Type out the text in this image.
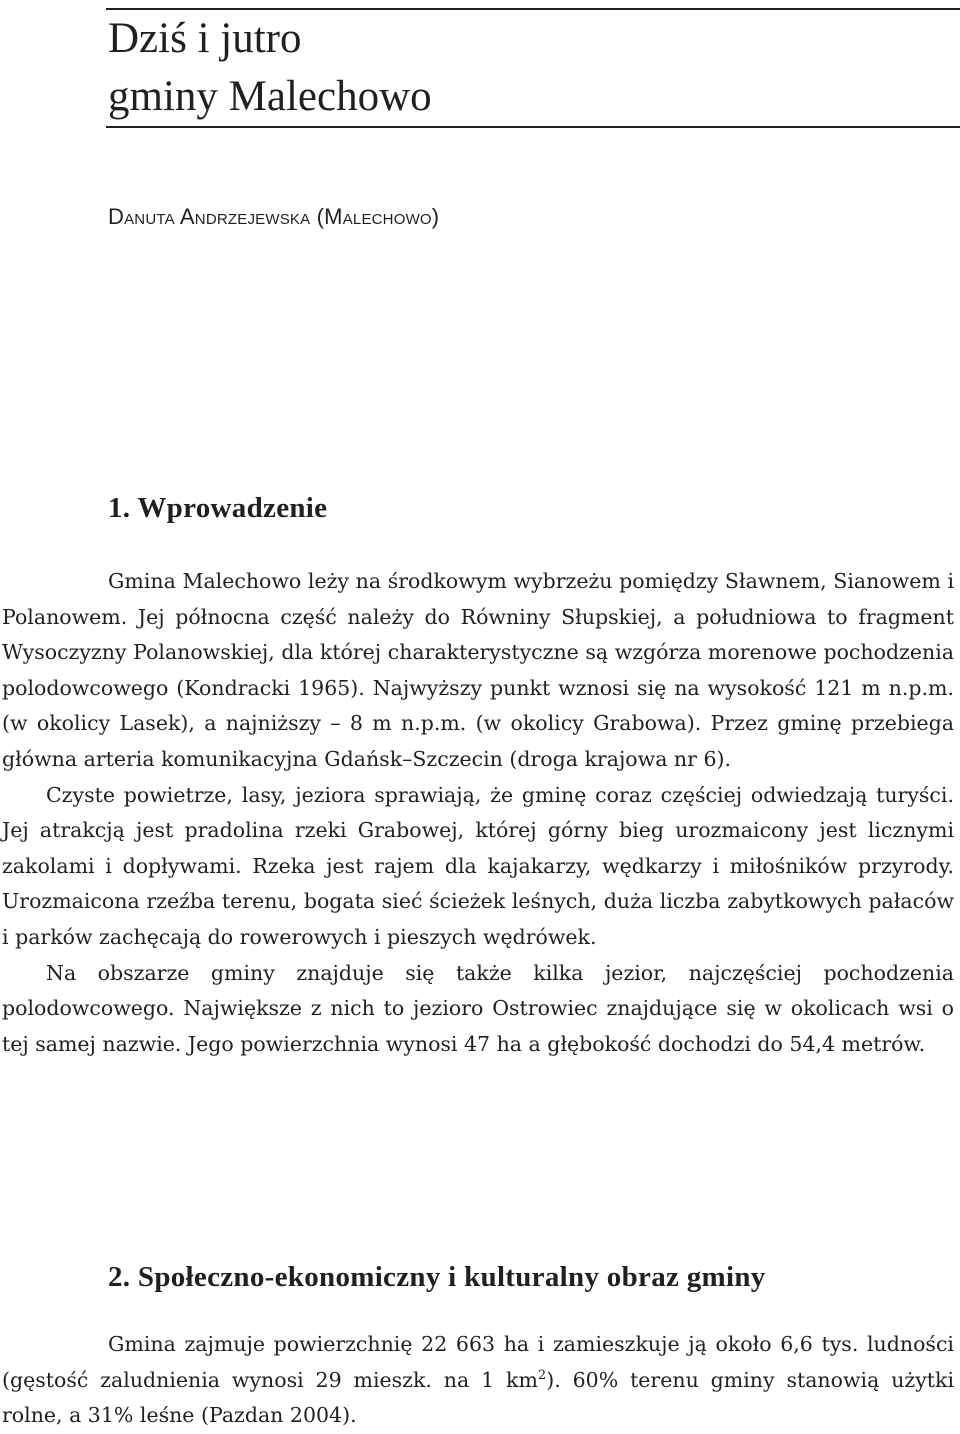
Dziś i jutro
gminy Malechowo

Danuta Andrzejewska (Malechowo)

1. Wprowadzenie

Gmina Malechowo leży na środkowym wybrzeżu pomiędzy Sławnem, Sianowem i Polanowem. Jej północna część należy do Równiny Słupskiej, a południowa to fragment Wysoczyzny Polanowskiej, dla której charakterystyczne są wzgórza morenowe pochodzenia polodowcowego (Kondracki 1965). Najwyższy punkt wznosi się na wysokość 121 m n.p.m. (w okolicy Lasek), a najniższy – 8 m n.p.m. (w okolicy Grabowa). Przez gminę przebiega główna arteria komunikacyjna Gdańsk–Szczecin (droga krajowa nr 6).

Czyste powietrze, lasy, jeziora sprawiają, że gminę coraz częściej odwiedzają turyści. Jej atrakcją jest pradolina rzeki Grabowej, której górny bieg urozmaicony jest licznymi zakolami i dopływami. Rzeka jest rajem dla kajakarzy, wędkarzy i miłośników przyrody. Urozmaicona rzeźba terenu, bogata sieć ścieżek leśnych, duża liczba zabytkowych pałaców i parków zachęcają do rowerowych i pieszych wędrówek.

Na obszarze gminy znajduje się także kilka jezior, najczęściej pochodzenia polodowcowego. Największe z nich to jezioro Ostrowiec znajdujące się w okolicach wsi o tej samej nazwie. Jego powierzchnia wynosi 47 ha a głębokość dochodzi do 54,4 metrów.

2. Społeczno-ekonomiczny i kulturalny obraz gminy

Gmina zajmuje powierzchnię 22 663 ha i zamieszkuje ją około 6,6 tys. ludności (gęstość zaludnienia wynosi 29 mieszk. na 1 $km^2$). 60% terenu gminy stanowią użytki rolne, a 31% leśne (Pazdan 2004).
